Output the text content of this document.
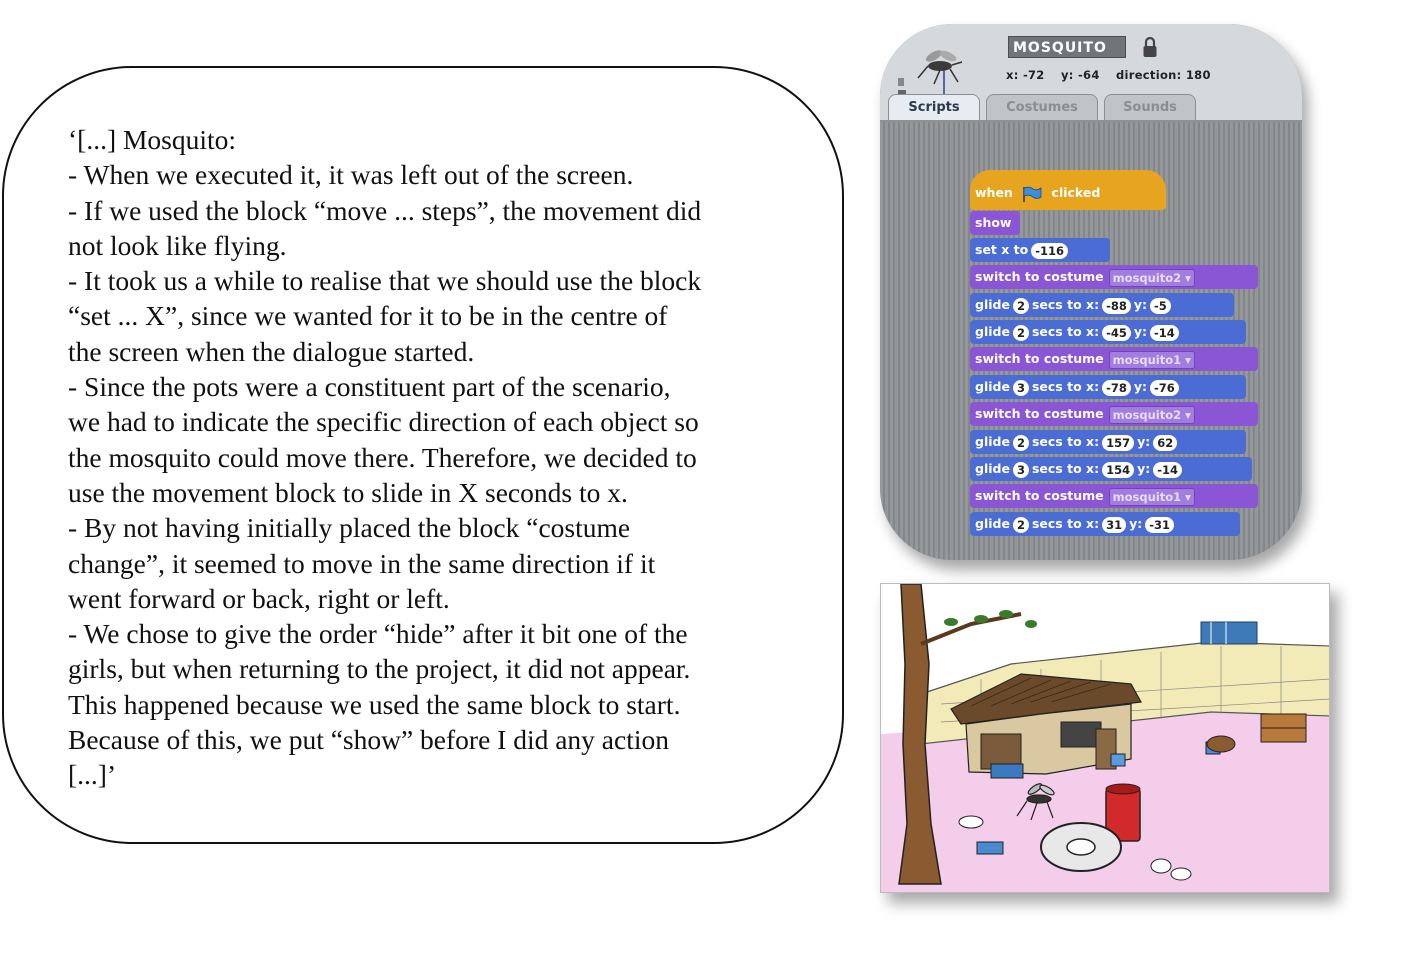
‘[...] Mosquito:
- When we executed it, it was left out of the screen.
- If we used the block “move ... steps”, the movement did
not look like flying.
- It took us a while to realise that we should use the block
“set ... X”, since we wanted for it to be in the centre of
the screen when the dialogue started.
- Since the pots were a constituent part of the scenario,
we had to indicate the specific direction of each object so
the mosquito could move there. Therefore, we decided to
use the movement block to slide in X seconds to x.
- By not having initially placed the block “costume
change”, it seemed to move in the same direction if it
went forward or back, right or left.
- We chose to give the order “hide” after it bit one of the
girls, but when returning to the project, it did not appear.
This happened because we used the same block to start.
Because of this, we put “show” before I did any action
[...]’
MOSQUITO
x: -72 y: -64 direction: 180
Scripts	Costumes	Sounds
when	clicked
show
set x to -116
switch to costume mosquito2 ▾
glide 2 secs to x: -88 y: -5
glide 2 secs to x: -45 y: -14
switch to costume mosquito1 ▾
glide 3 secs to x: -78 y: -76
switch to costume mosquito2 ▾
glide 2 secs to x: 157 y: 62
glide 3 secs to x: 154 y: -14
switch to costume mosquito1 ▾
glide 2 secs to x: 31 y: -31
